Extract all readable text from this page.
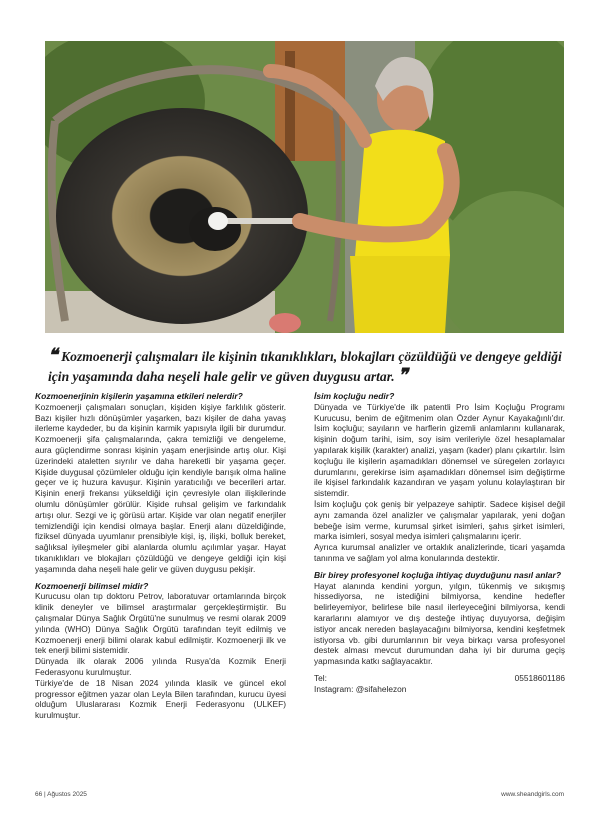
❝ Kozmoenerji çalışmaları ile kişinin tıkanıklıkları, blokajları çözüldüğü ve dengeye geldiği için yaşamında daha neşeli hale gelir ve güven duygusu artar. ❞
Kozmoenerjinin kişilerin yaşamına etkileri nelerdir?

Kozmoenerji çalışmaları sonuçları, kişiden kişiye farklılık gösterir. Bazı kişiler hızlı dönüşümler yaşarken, bazı kişiler de daha yavaş ilerleme kaydeder, bu da kişinin karmik yapısıyla ilgili bir durumdur. Kozmoenerji şifa çalışmalarında, çakra temizliği ve dengeleme, aura güçlendirme sonrası kişinin yaşam enerjisinde artış olur. Kişi üzerindeki ataletten sıyrılır ve daha hareketli bir yaşama geçer. Kişide duygusal çözümleler olduğu için kendiyle barışık olma haline geçer ve iç huzura kavuşur. Kişinin yaratıcılığı ve becerileri artar. Kişinin enerji frekansı yükseldiği için çevresiyle olan ilişkilerinde olumlu dönüşümler görülür. Kişide ruhsal gelişim ve farkındalık artışı olur. Sezgi ve iç görüsü artar. Kişide var olan negatif enerjiler temizlendiği için kendisi olmaya başlar. Enerji alanı düzeldiğinde, fiziksel dünyada uyumlanır prensibiyle kişi, iş, ilişki, bolluk bereket, sağlıksal iyileşmeler gibi alanlarda olumlu açılımlar yaşar. Hayat tıkanıklıkları ve blokajları çözüldüğü ve dengeye geldiği için kişi yaşamında daha neşeli hale gelir ve güven duygusu pekişir.

Kozmoenerji bilimsel midir?

Kurucusu olan tıp doktoru Petrov, laboratuvar ortamlarında birçok klinik deneyler ve bilimsel araştırmalar gerçekleştirmiştir. Bu çalışmalar Dünya Sağlık Örgütü'ne sunulmuş ve resmi olarak 2009 yılında (WHO) Dünya Sağlık Örgütü tarafından teyit edilmiş ve Kozmoenerji enerji bilimi olarak kabul edilmiştir. Kozmoenerji ilk ve tek enerji bilimi sistemidir.

Dünyada ilk olarak 2006 yılında Rusya'da Kozmik Enerji Federasyonu kurulmuştur.

Türkiye'de de 18 Nisan 2024 yılında klasik ve güncel ekol progressor eğitmen yazar olan Leyla Bilen tarafından, kurucu üyesi olduğum Uluslararası Kozmik Enerji Federasyonu (ULKEF) kurulmuştur.

İsim koçluğu nedir?

Dünyada ve Türkiye'de ilk patentli Pro İsim Koçluğu Programı Kurucusu, benim de eğitmenim olan Özder Aynur Kayakağınlı'dır. İsim koçluğu; sayıların ve harflerin gizemli anlamlarını kullanarak, kişinin doğum tarihi, isim, soy isim verileriyle özel hesaplamalar yapılarak kişilik (karakter) analizi, yaşam (kader) planı çıkartılır. İsim koçluğu ile kişilerin aşamadıkları dönemsel ve süregelen zorlayıcı durumlarını, gerekirse isim aşamadıkları dönemsel isim değiştirme ile kişisel farkındalık kazandıran ve yaşam yolunu kolaylaştıran bir sistemdir.

İsim koçluğu çok geniş bir yelpazeye sahiptir. Sadece kişisel değil aynı zamanda özel analizler ve çalışmalar yapılarak, yeni doğan bebeğe isim verme, kurumsal şirket isimleri, şahıs şirket isimleri, marka isimleri, sosyal medya isimleri çalışmalarını içerir.

Ayrıca kurumsal analizler ve ortaklık analizlerinde, ticari yaşamda tanınma ve sağlam yol alma konularında destektir.

Bir birey profesyonel koçluğa ihtiyaç duyduğunu nasıl anlar?

Hayat alanında kendini yorgun, yılgın, tükenmiş ve sıkışmış hissediyorsa, ne istediğini bilmiyorsa, kendine hedefler belirleyemiyor, belirlese bile nasıl ilerleyeceğini bilmiyorsa, kendi kararlarını alamıyor ve dış desteğe ihtiyaç duyuyorsa, değişim istiyor ancak nereden başlayacağını bilmiyorsa, kendini keşfetmek istiyorsa vb. gibi durumlarının bir veya birkaçı varsa profesyonel destek alması mevcut durumundan daha iyi bir duruma geçiş yapmasında katkı sağlayacaktır.

Tel:	05518601186
Instagram: @sifahelezon
66 | Ağustos 2025	www.sheandgirls.com
